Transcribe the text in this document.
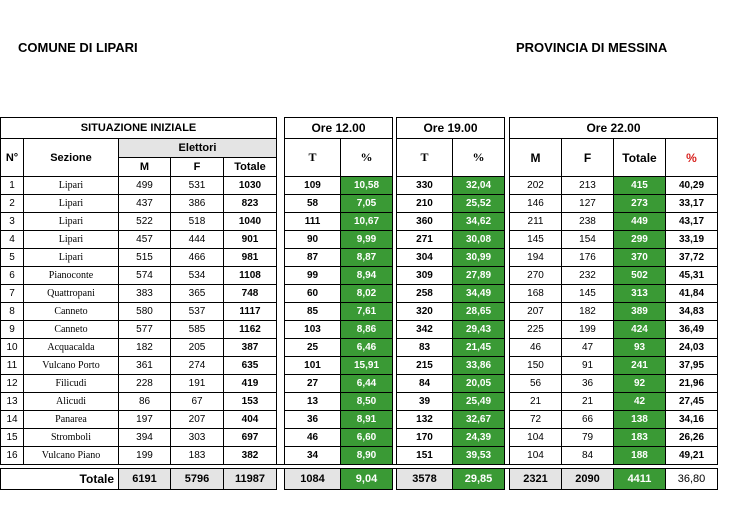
COMUNE DI LIPARI	PROVINCIA DI MESSINA
SITUAZIONE INIZIALE						Ore 12.00			Ore 19.00			Ore 22.00			
N°	Sezione	Elettori				T	%		T	%		M	F	Totale	%
		M	F	Totale											
1	Lipari	499	531	1030		109	10,58		330	32,04		202	213	415	40,29
2	Lipari	437	386	823		58	7,05		210	25,52		146	127	273	33,17
3	Lipari	522	518	1040		111	10,67		360	34,62		211	238	449	43,17
4	Lipari	457	444	901		90	9,99		271	30,08		145	154	299	33,19
5	Lipari	515	466	981		87	8,87		304	30,99		194	176	370	37,72
6	Pianoconte	574	534	1108		99	8,94		309	27,89		270	232	502	45,31
7	Quattropani	383	365	748		60	8,02		258	34,49		168	145	313	41,84
8	Canneto	580	537	1117		85	7,61		320	28,65		207	182	389	34,83
9	Canneto	577	585	1162		103	8,86		342	29,43		225	199	424	36,49
10	Acquacalda	182	205	387		25	6,46		83	21,45		46	47	93	24,03
11	Vulcano Porto	361	274	635		101	15,91		215	33,86		150	91	241	37,95
12	Filicudi	228	191	419		27	6,44		84	20,05		56	36	92	21,96
13	Alicudi	86	67	153		13	8,50		39	25,49		21	21	42	27,45
14	Panarea	197	207	404		36	8,91		132	32,67		72	66	138	34,16
15	Stromboli	394	303	697		46	6,60		170	24,39		104	79	183	26,26
16	Vulcano Piano	199	183	382		34	8,90		151	39,53		104	84	188	49,21

Totale		6191	5796	11987		1084	9,04		3578	29,85		2321	2090	4411	36,80
